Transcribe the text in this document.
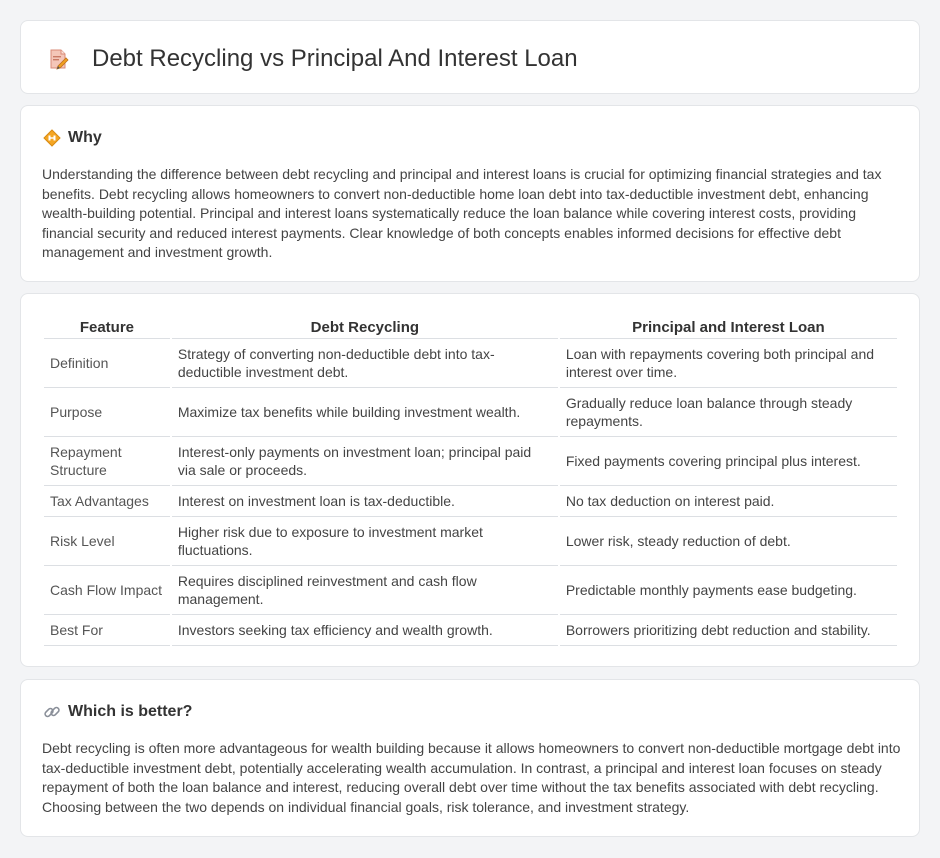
Debt Recycling vs Principal And Interest Loan
Why

Understanding the difference between debt recycling and principal and interest loans is crucial for optimizing financial strategies and tax benefits. Debt recycling allows homeowners to convert non-deductible home loan debt into tax-deductible investment debt, enhancing wealth-building potential. Principal and interest loans systematically reduce the loan balance while covering interest costs, providing financial security and reduced interest payments. Clear knowledge of both concepts enables informed decisions for effective debt management and investment growth.

Feature	Debt Recycling	Principal and Interest Loan
Definition	Strategy of converting non-deductible debt into tax-deductible investment debt.	Loan with repayments covering both principal and interest over time.
Purpose	Maximize tax benefits while building investment wealth.	Gradually reduce loan balance through steady repayments.
Repayment Structure	Interest-only payments on investment loan; principal paid via sale or proceeds.	Fixed payments covering principal plus interest.
Tax Advantages	Interest on investment loan is tax-deductible.	No tax deduction on interest paid.
Risk Level	Higher risk due to exposure to investment market fluctuations.	Lower risk, steady reduction of debt.
Cash Flow Impact	Requires disciplined reinvestment and cash flow management.	Predictable monthly payments ease budgeting.
Best For	Investors seeking tax efficiency and wealth growth.	Borrowers prioritizing debt reduction and stability.
Which is better?

Debt recycling is often more advantageous for wealth building because it allows homeowners to convert non-deductible mortgage debt into tax-deductible investment debt, potentially accelerating wealth accumulation. In contrast, a principal and interest loan focuses on steady repayment of both the loan balance and interest, reducing overall debt over time without the tax benefits associated with debt recycling. Choosing between the two depends on individual financial goals, risk tolerance, and investment strategy.
